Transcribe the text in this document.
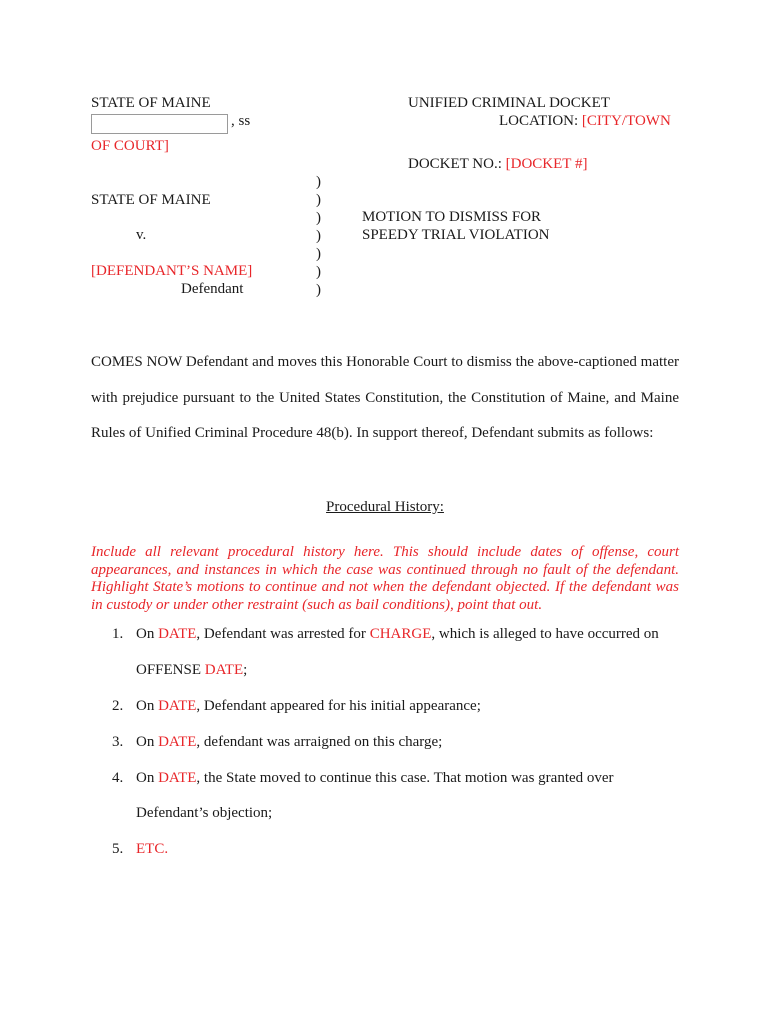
STATE OF MAINE
, ss
UNIFIED CRIMINAL DOCKET
LOCATION: [CITY/TOWN
OF COURT]
DOCKET NO.: [DOCKET #]
STATE OF MAINE
v.
[DEFENDANT’S NAME]
Defendant
)
)
)
)
)
)
)
MOTION TO DISMISS FOR
SPEEDY TRIAL VIOLATION
COMES NOW Defendant and moves this Honorable Court to dismiss the above-captioned matter with prejudice pursuant to the United States Constitution, the Constitution of Maine, and Maine Rules of Unified Criminal Procedure 48(b). In support thereof, Defendant submits as follows:
Procedural History:
Include all relevant procedural history here. This should include dates of offense, court appearances, and instances in which the case was continued through no fault of the defendant. Highlight State’s motions to continue and not when the defendant objected. If the defendant was in custody or under other restraint (such as bail conditions), point that out.
1. On DATE, Defendant was arrested for CHARGE, which is alleged to have occurred on
OFFENSE DATE;
2. On DATE, Defendant appeared for his initial appearance;
3. On DATE, defendant was arraigned on this charge;
4. On DATE, the State moved to continue this case. That motion was granted over
Defendant’s objection;
5. ETC.
